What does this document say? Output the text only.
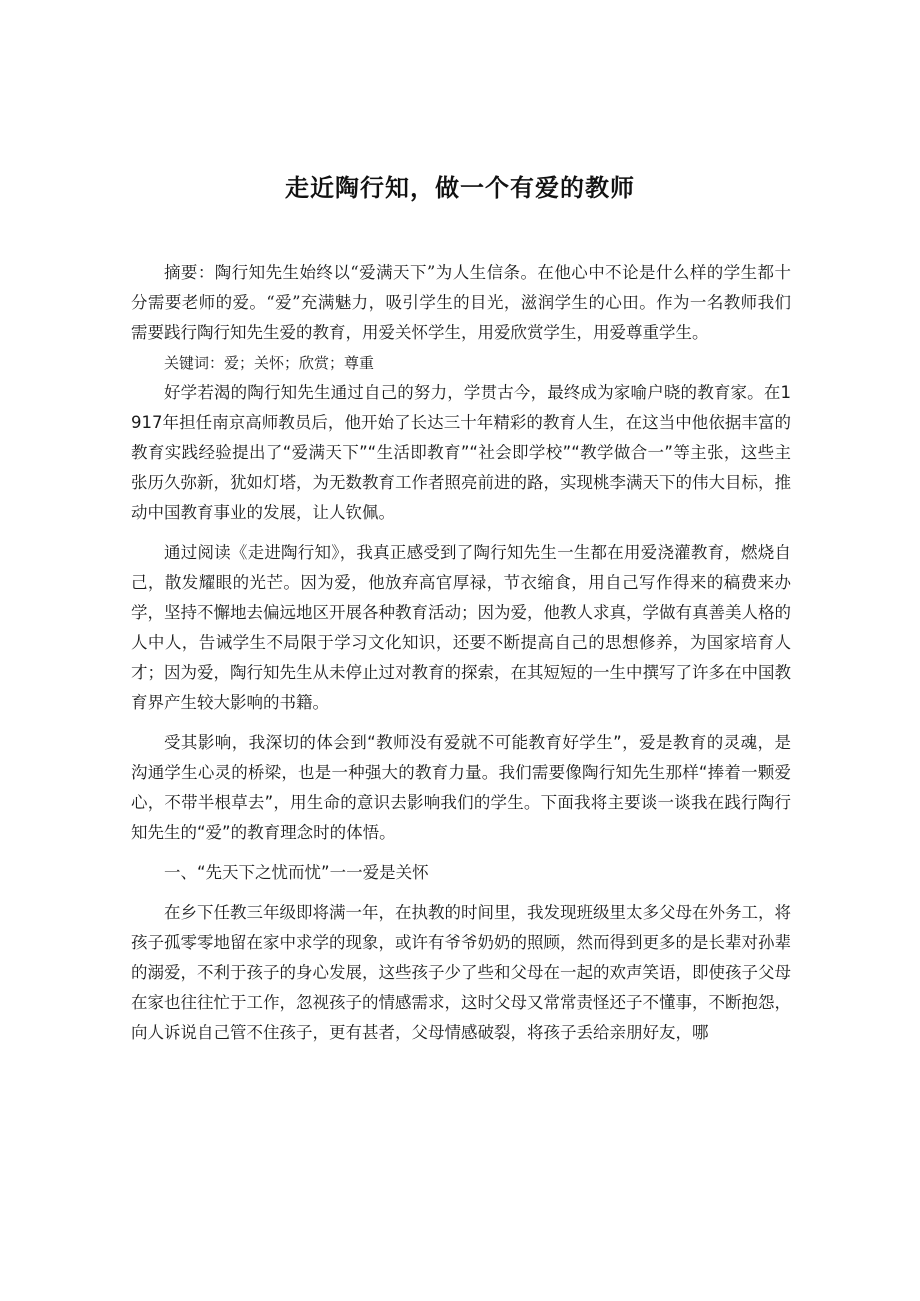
走近陶行知，做一个有爱的教师

摘要：陶行知先生始终以“爱满天下”为人生信条。在他心中不论是什么样的学生都十分需要老师的爱。“爱”充满魅力，吸引学生的目光，滋润学生的心田。作为一名教师我们需要践行陶行知先生爱的教育，用爱关怀学生，用爱欣赏学生，用爱尊重学生。

关键词：爱；关怀；欣赏；尊重

好学若渴的陶行知先生通过自己的努力，学贯古今，最终成为家喻户晓的教育家。在1917年担任南京高师教员后，他开始了长达三十年精彩的教育人生，在这当中他依据丰富的教育实践经验提出了“爱满天下”“生活即教育”“社会即学校”“教学做合一”等主张，这些主张历久弥新，犹如灯塔，为无数教育工作者照亮前进的路，实现桃李满天下的伟大目标，推动中国教育事业的发展，让人钦佩。

通过阅读《走进陶行知》，我真正感受到了陶行知先生一生都在用爱浇灌教育，燃烧自己，散发耀眼的光芒。因为爱，他放弃高官厚禄，节衣缩食，用自己写作得来的稿费来办学，坚持不懈地去偏远地区开展各种教育活动；因为爱，他教人求真，学做有真善美人格的人中人，告诫学生不局限于学习文化知识，还要不断提高自己的思想修养，为国家培育人才；因为爱，陶行知先生从未停止过对教育的探索，在其短短的一生中撰写了许多在中国教育界产生较大影响的书籍。

受其影响，我深切的体会到“教师没有爱就不可能教育好学生”，爱是教育的灵魂，是沟通学生心灵的桥梁，也是一种强大的教育力量。我们需要像陶行知先生那样“捧着一颗爱心，不带半根草去”，用生命的意识去影响我们的学生。下面我将主要谈一谈我在践行陶行知先生的“爱”的教育理念时的体悟。

一、“先天下之忧而忧”一一爱是关怀

在乡下任教三年级即将满一年，在执教的时间里，我发现班级里太多父母在外务工，将孩子孤零零地留在家中求学的现象，或许有爷爷奶奶的照顾，然而得到更多的是长辈对孙辈的溺爱，不利于孩子的身心发展，这些孩子少了些和父母在一起的欢声笑语，即使孩子父母在家也往往忙于工作，忽视孩子的情感需求，这时父母又常常责怪还子不懂事，不断抱怨，向人诉说自己管不住孩子，更有甚者，父母情感破裂，将孩子丢给亲朋好友，哪
